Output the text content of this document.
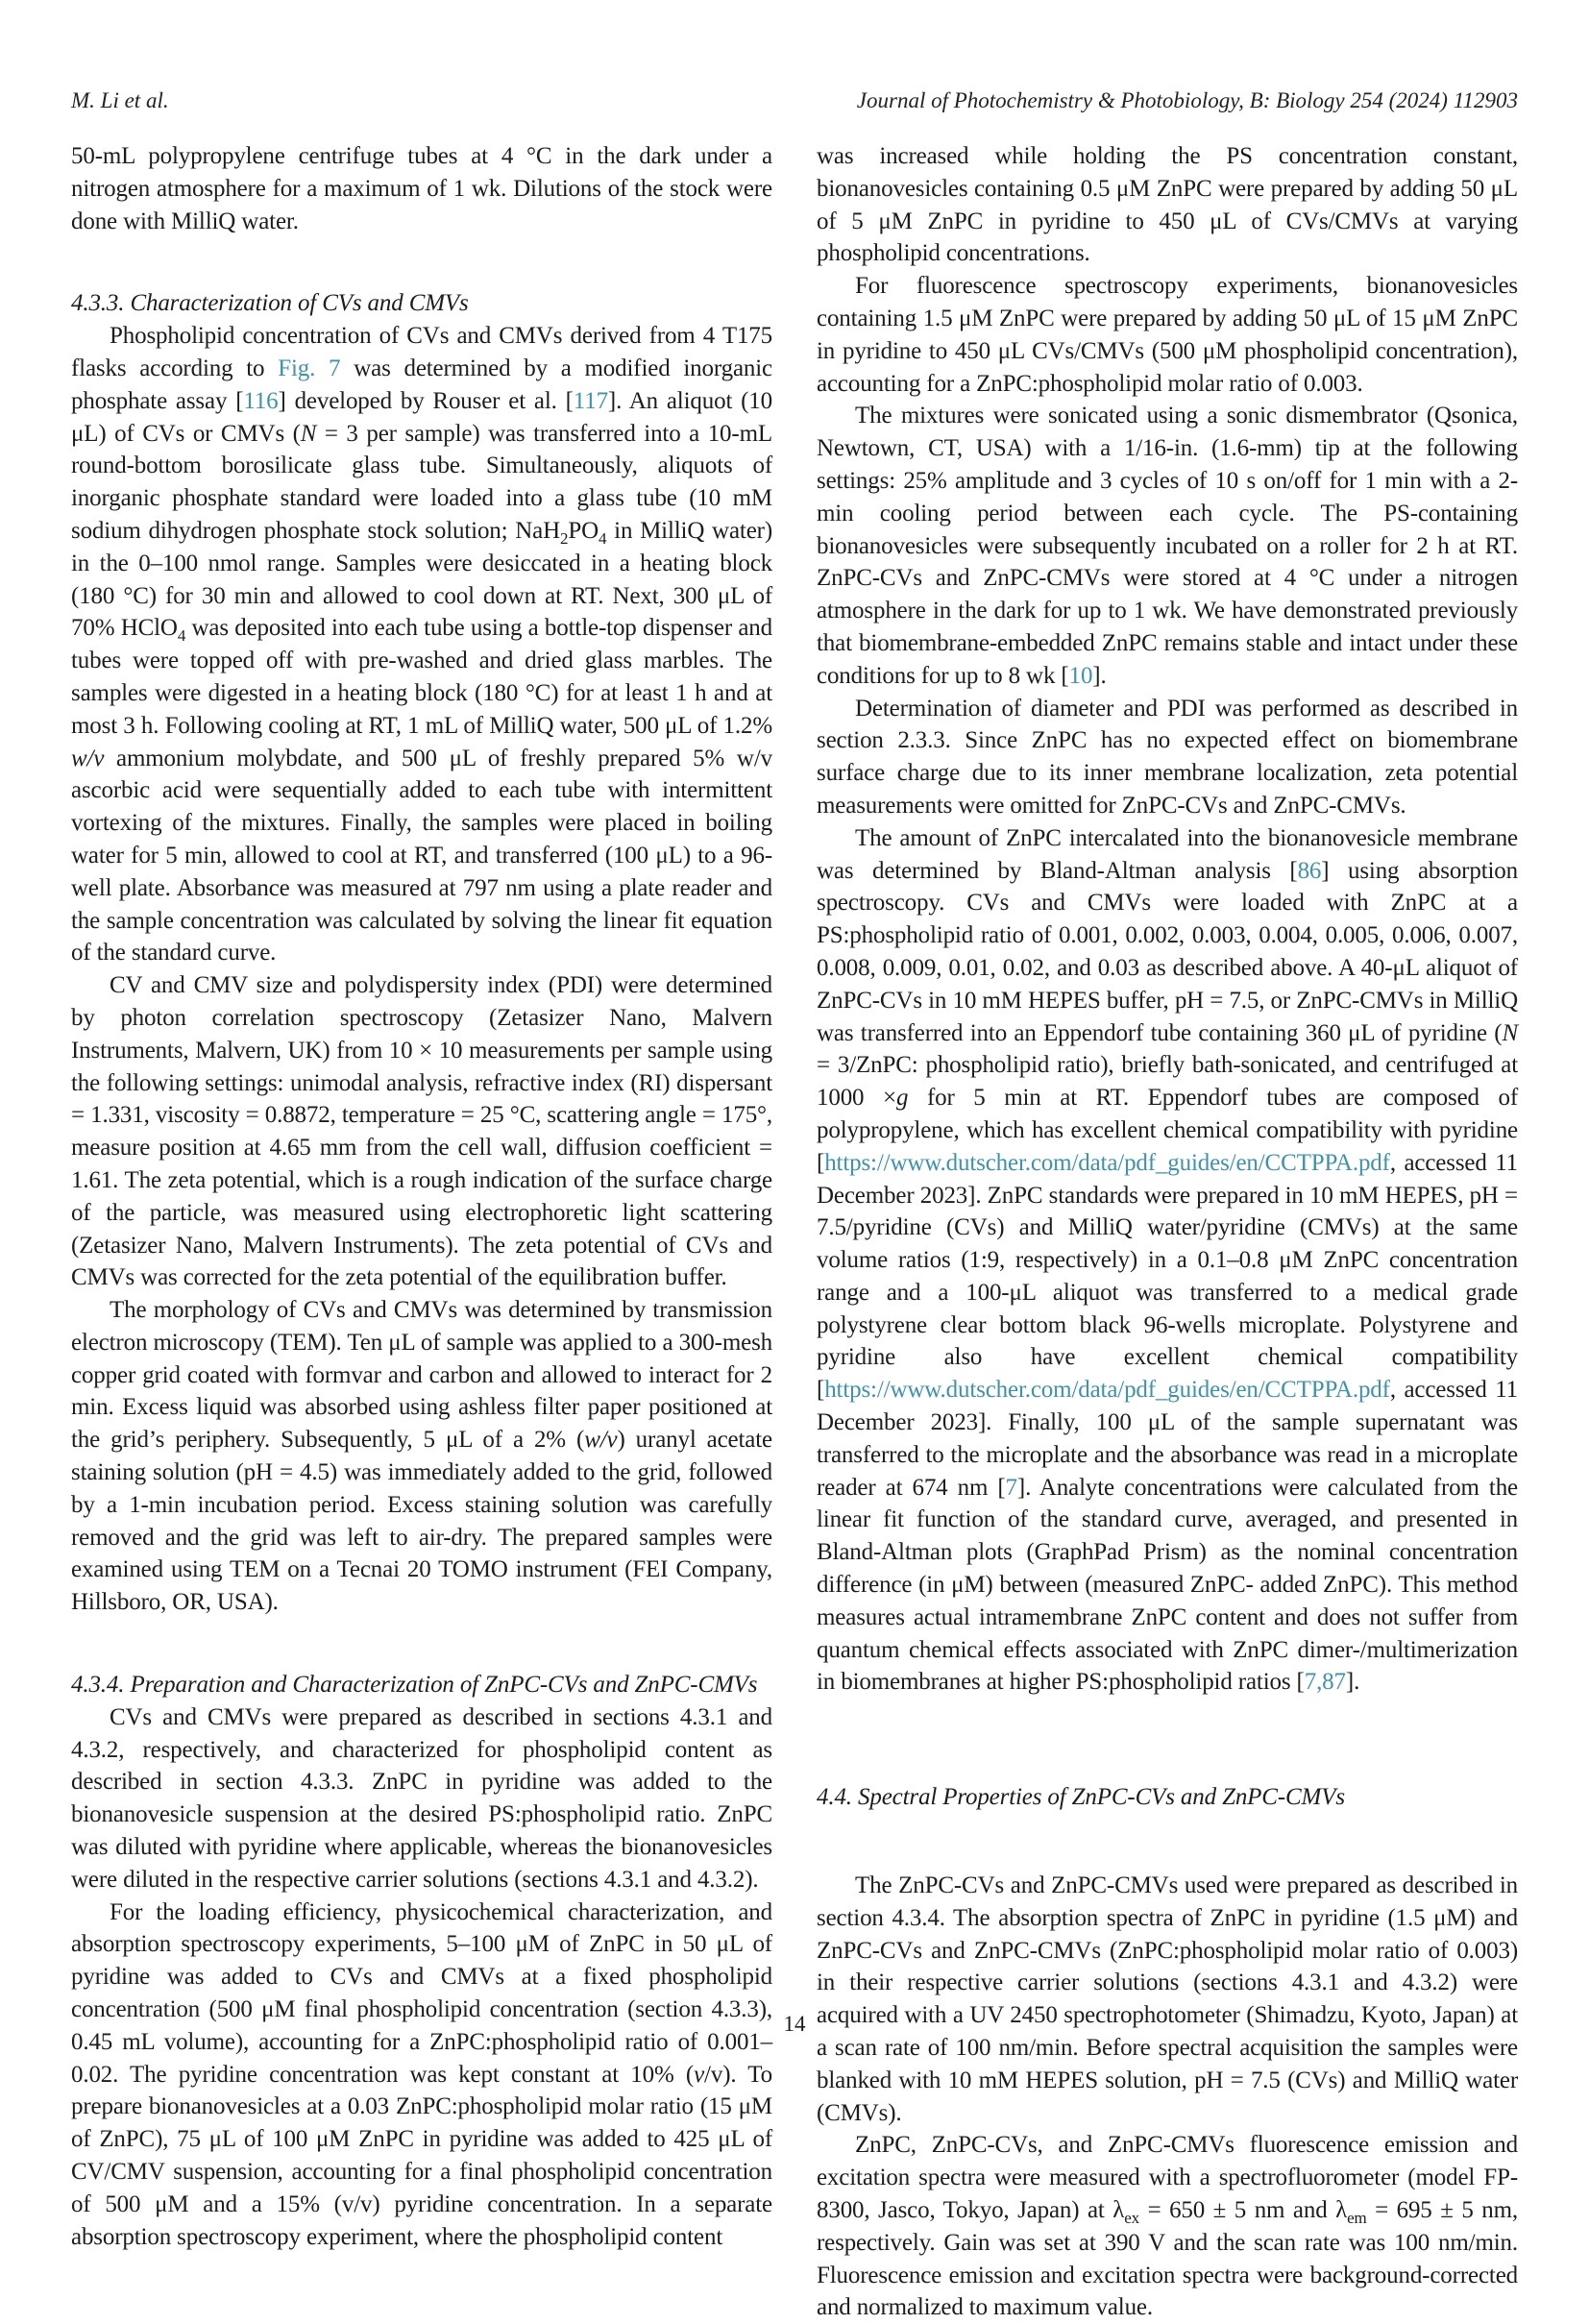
M. Li et al.	Journal of Photochemistry & Photobiology, B: Biology 254 (2024) 112903

50-mL polypropylene centrifuge tubes at 4 °C in the dark under a nitrogen atmosphere for a maximum of 1 wk. Dilutions of the stock were done with MilliQ water.

4.3.3. Characterization of CVs and CMVs

Phospholipid concentration of CVs and CMVs derived from 4 T175 flasks according to Fig. 7 was determined by a modified inorganic phosphate assay [116] developed by Rouser et al. [117]. An aliquot (10 μL) of CVs or CMVs (N = 3 per sample) was transferred into a 10-mL round-bottom borosilicate glass tube. Simultaneously, aliquots of inorganic phosphate standard were loaded into a glass tube (10 mM sodium dihydrogen phosphate stock solution; $NaH_2PO_4$ in MilliQ water) in the 0–100 nmol range. Samples were desiccated in a heating block (180 °C) for 30 min and allowed to cool down at RT. Next, 300 μL of 70% HClO$_4$ was deposited into each tube using a bottle-top dispenser and tubes were topped off with pre-washed and dried glass marbles. The samples were digested in a heating block (180 °C) for at least 1 h and at most 3 h. Following cooling at RT, 1 mL of MilliQ water, 500 μL of 1.2% w/v ammonium molybdate, and 500 μL of freshly prepared 5% w/v ascorbic acid were sequentially added to each tube with intermittent vortexing of the mixtures. Finally, the samples were placed in boiling water for 5 min, allowed to cool at RT, and transferred (100 μL) to a 96-well plate. Absorbance was measured at 797 nm using a plate reader and the sample concentration was calculated by solving the linear fit equation of the standard curve.

CV and CMV size and polydispersity index (PDI) were determined by photon correlation spectroscopy (Zetasizer Nano, Malvern Instruments, Malvern, UK) from 10 × 10 measurements per sample using the following settings: unimodal analysis, refractive index (RI) dispersant = 1.331, viscosity = 0.8872, temperature = 25 °C, scattering angle = 175°, measure position at 4.65 mm from the cell wall, diffusion coefficient = 1.61. The zeta potential, which is a rough indication of the surface charge of the particle, was measured using electrophoretic light scattering (Zetasizer Nano, Malvern Instruments). The zeta potential of CVs and CMVs was corrected for the zeta potential of the equilibration buffer.

The morphology of CVs and CMVs was determined by transmission electron microscopy (TEM). Ten μL of sample was applied to a 300-mesh copper grid coated with formvar and carbon and allowed to interact for 2 min. Excess liquid was absorbed using ashless filter paper positioned at the grid’s periphery. Subsequently, 5 μL of a 2% (w/v) uranyl acetate staining solution (pH = 4.5) was immediately added to the grid, followed by a 1-min incubation period. Excess staining solution was carefully removed and the grid was left to air-dry. The prepared samples were examined using TEM on a Tecnai 20 TOMO instrument (FEI Company, Hillsboro, OR, USA).

4.3.4. Preparation and Characterization of ZnPC-CVs and ZnPC-CMVs

CVs and CMVs were prepared as described in sections 4.3.1 and 4.3.2, respectively, and characterized for phospholipid content as described in section 4.3.3. ZnPC in pyridine was added to the bionanovesicle suspension at the desired PS:phospholipid ratio. ZnPC was diluted with pyridine where applicable, whereas the bionanovesicles were diluted in the respective carrier solutions (sections 4.3.1 and 4.3.2).

For the loading efficiency, physicochemical characterization, and absorption spectroscopy experiments, 5–100 μM of ZnPC in 50 μL of pyridine was added to CVs and CMVs at a fixed phospholipid concentration (500 μM final phospholipid concentration (section 4.3.3), 0.45 mL volume), accounting for a ZnPC:phospholipid ratio of 0.001–0.02. The pyridine concentration was kept constant at 10% (v/v). To prepare bionanovesicles at a 0.03 ZnPC:phospholipid molar ratio (15 μM of ZnPC), 75 μL of 100 μM ZnPC in pyridine was added to 425 μL of CV/CMV suspension, accounting for a final phospholipid concentration of 500 μM and a 15% (v/v) pyridine concentration. In a separate absorption spectroscopy experiment, where the phospholipid content

was increased while holding the PS concentration constant, bionanovesicles containing 0.5 μM ZnPC were prepared by adding 50 μL of 5 μM ZnPC in pyridine to 450 μL of CVs/CMVs at varying phospholipid concentrations.

For fluorescence spectroscopy experiments, bionanovesicles containing 1.5 μM ZnPC were prepared by adding 50 μL of 15 μM ZnPC in pyridine to 450 μL CVs/CMVs (500 μM phospholipid concentration), accounting for a ZnPC:phospholipid molar ratio of 0.003.

The mixtures were sonicated using a sonic dismembrator (Qsonica, Newtown, CT, USA) with a 1/16-in. (1.6-mm) tip at the following settings: 25% amplitude and 3 cycles of 10 s on/off for 1 min with a 2-min cooling period between each cycle. The PS-containing bionanovesicles were subsequently incubated on a roller for 2 h at RT. ZnPC-CVs and ZnPC-CMVs were stored at 4 °C under a nitrogen atmosphere in the dark for up to 1 wk. We have demonstrated previously that biomembrane-embedded ZnPC remains stable and intact under these conditions for up to 8 wk [10].

Determination of diameter and PDI was performed as described in section 2.3.3. Since ZnPC has no expected effect on biomembrane surface charge due to its inner membrane localization, zeta potential measurements were omitted for ZnPC-CVs and ZnPC-CMVs.

The amount of ZnPC intercalated into the bionanovesicle membrane was determined by Bland-Altman analysis [86] using absorption spectroscopy. CVs and CMVs were loaded with ZnPC at a PS:phospholipid ratio of 0.001, 0.002, 0.003, 0.004, 0.005, 0.006, 0.007, 0.008, 0.009, 0.01, 0.02, and 0.03 as described above. A 40-μL aliquot of ZnPC-CVs in 10 mM HEPES buffer, pH = 7.5, or ZnPC-CMVs in MilliQ was transferred into an Eppendorf tube containing 360 μL of pyridine (N = 3/ZnPC: phospholipid ratio), briefly bath-sonicated, and centrifuged at 1000 ×g for 5 min at RT. Eppendorf tubes are composed of polypropylene, which has excellent chemical compatibility with pyridine [https://www.dutscher.com/data/pdf_guides/en/CCTPPA.pdf, accessed 11 December 2023]. ZnPC standards were prepared in 10 mM HEPES, pH = 7.5/pyridine (CVs) and MilliQ water/pyridine (CMVs) at the same volume ratios (1:9, respectively) in a 0.1–0.8 μM ZnPC concentration range and a 100-μL aliquot was transferred to a medical grade polystyrene clear bottom black 96-wells microplate. Polystyrene and pyridine also have excellent chemical compatibility [https://www.dutscher.com/data/pdf_guides/en/CCTPPA.pdf, accessed 11 December 2023]. Finally, 100 μL of the sample supernatant was transferred to the microplate and the absorbance was read in a microplate reader at 674 nm [7]. Analyte concentrations were calculated from the linear fit function of the standard curve, averaged, and presented in Bland-Altman plots (GraphPad Prism) as the nominal concentration difference (in μM) between (measured ZnPC- added ZnPC). This method measures actual intramembrane ZnPC content and does not suffer from quantum chemical effects associated with ZnPC dimer-/multimerization in biomembranes at higher PS:phospholipid ratios [7,87].

4.4. Spectral Properties of ZnPC-CVs and ZnPC-CMVs

The ZnPC-CVs and ZnPC-CMVs used were prepared as described in section 4.3.4. The absorption spectra of ZnPC in pyridine (1.5 μM) and ZnPC-CVs and ZnPC-CMVs (ZnPC:phospholipid molar ratio of 0.003) in their respective carrier solutions (sections 4.3.1 and 4.3.2) were acquired with a UV 2450 spectrophotometer (Shimadzu, Kyoto, Japan) at a scan rate of 100 nm/min. Before spectral acquisition the samples were blanked with 10 mM HEPES solution, pH = 7.5 (CVs) and MilliQ water (CMVs).

ZnPC, ZnPC-CVs, and ZnPC-CMVs fluorescence emission and excitation spectra were measured with a spectrofluorometer (model FP-8300, Jasco, Tokyo, Japan) at $\lambda_{ex} = 650 \pm 5$ nm and $\lambda_{em} = 695 \pm 5$ nm, respectively. Gain was set at 390 V and the scan rate was 100 nm/min. Fluorescence emission and excitation spectra were background-corrected and normalized to maximum value.

14
